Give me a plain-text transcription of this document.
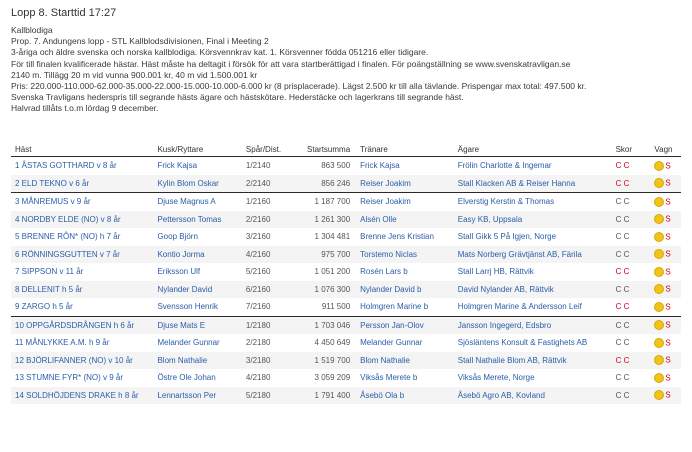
Lopp 8. Starttid 17:27
Kallblodiga
Prop. 7. Andungens lopp - STL Kallblodsdivisionen, Final i Meeting 2
3-åriga och äldre svenska och norska kallblodiga. Körsvennkrav kat. 1. Körsvenner födda 051216 eller tidigare.
För till finalen kvalificerade hästar. Häst måste ha deltagit i försök för att vara startberättigad i finalen. För poängställning se www.svenskatravligan.se
2140 m. Tillägg 20 m vid vunna 900.001 kr, 40 m vid 1.500.001 kr
Pris: 220.000-110.000-62.000-35.000-22.000-15.000-10.000-6.000 kr (8 prisplacerade). Lägst 2.500 kr till alla tävlande. Prispengar max total: 497.500 kr.
Svenska Travligans hederspris till segrande hästs ägare och hästskötare. Hederstäcke och lagerkrans till segrande häst.
Halvrad tillåts t.o.m lördag 9 december.
Häst	Kusk/Ryttare	Spår/Dist.	Startsumma	Tränare	Ägare	Skor	Vagn
1 ÅSTAS GOTTHARD v 8 år	Frick Kajsa	1/2140	863 500	Frick Kajsa	Frölin Charlotte & Ingemar	C C	S
2 ELD TEKNO v 6 år	Kylin Blom Oskar	2/2140	856 246	Reiser Joakim	Stall Klacken AB & Reiser Hanna	C C	S
3 MÅNREMUS v 9 år	Djuse Magnus A	1/2160	1 187 700	Reiser Joakim	Elverstig Kerstin & Thomas	C C	S
4 NORDBY ELDE (NO) v 8 år	Pettersson Tomas	2/2160	1 261 300	Alsén Olle	Easy KB, Uppsala	C C	S
5 BRENNE RÔN* (NO) h 7 år	Goop Björn	3/2160	1 304 481	Brenne Jens Kristian	Stall Gikk 5 På Igjen, Norge	C C	S
6 RÖNNINGSGUTTEN v 7 år	Kontio Jorma	4/2160	975 700	Torstemo Niclas	Mats Norberg Grävtjänst AB, Färila	C C	S
7 SIPPSON v 11 år	Eriksson Ulf	5/2160	1 051 200	Rosén Lars b	Stall Larrj HB, Rättvik	C C	S
8 DELLENIT h 5 år	Nylander David	6/2160	1 076 300	Nylander David b	David Nylander AB, Rättvik	C C	S
9 ZARGO h 5 år	Svensson Henrik	7/2160	911 500	Holmgren Marine b	Holmgren Marine & Andersson Leif	C C	S
10 OPPGÅRDSDRÅNGEN h 6 år	Djuse Mats E	1/2180	1 703 046	Persson Jan-Olov	Jansson Ingegerd, Edsbro	C C	S
11 MÅNLYKKE A.M. h 9 år	Melander Gunnar	2/2180	4 450 649	Melander Gunnar	Sjösläntens Konsult & Fastighets AB	C C	S
12 BJÖRLIFANNER (NO) v 10 år	Blom Nathalie	3/2180	1 519 700	Blom Nathalie	Stall Nathalie Blom AB, Rättvik	C C	S
13 STUMNE FYR* (NO) v 9 år	Östre Ole Johan	4/2180	3 059 209	Viksås Merete b	Viksås Merete, Norge	C C	S
14 SOLDHÖJDENS DRAKE h 8 år	Lennartsson Per	5/2180	1 791 400	Åsebö Ola b	Åsebö Agro AB, Kovland	C C	S
